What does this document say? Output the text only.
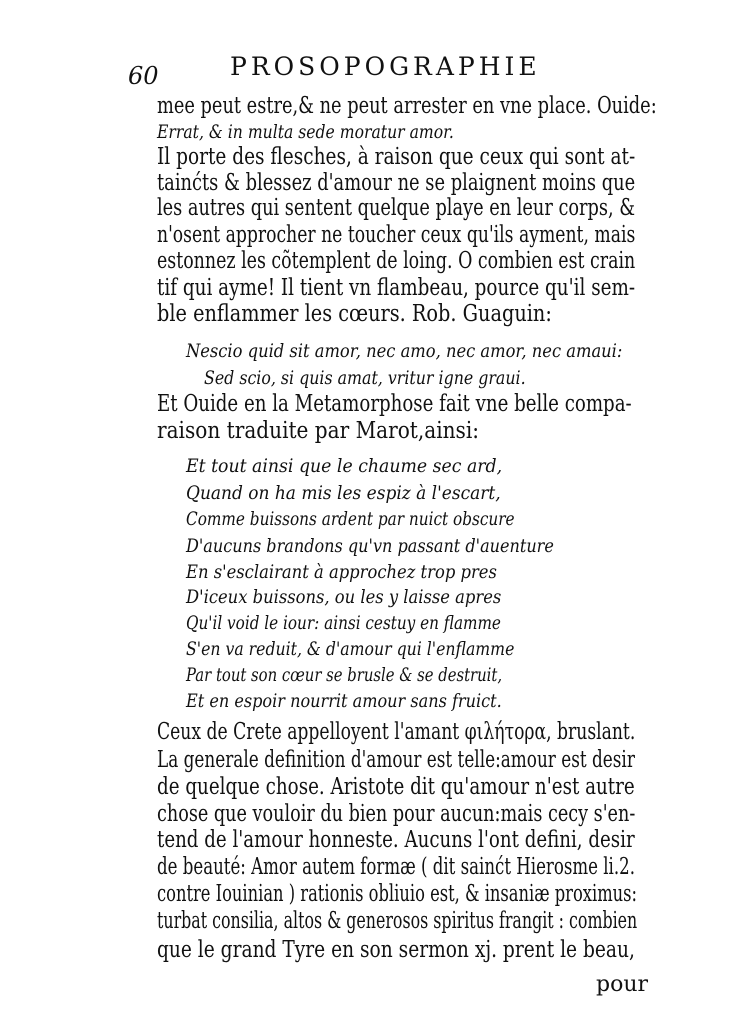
60	PROSOPOGRAPHIE
mee peut estre,& ne peut arrester en vne place. Ouide:
Errat, & in multa sede moratur amor.
Il porte des flesches, à raison que ceux qui sont at-
tainćts & blessez d'amour ne se plaignent moins que
les autres qui sentent quelque playe en leur corps, &
n'osent approcher ne toucher ceux qu'ils ayment, mais
estonnez les cõtemplent de loing. O combien est crain
tif qui ayme! Il tient vn flambeau, pource qu'il sem-
ble enflammer les cœurs. Rob. Guaguin:
Nescio quid sit amor, nec amo, nec amor, nec amaui:
Sed scio, si quis amat, vritur igne graui.
Et Ouide en la Metamorphose fait vne belle compa-
raison traduite par Marot,ainsi:
Et tout ainsi que le chaume sec ard,
Quand on ha mis les espiz à l'escart,
Comme buissons ardent par nuict obscure
D'aucuns brandons qu'vn passant d'auenture
En s'esclairant à approchez trop pres
D'iceux buissons, ou les y laisse apres
Qu'il void le iour: ainsi cestuy en flamme
S'en va reduit, & d'amour qui l'enflamme
Par tout son cœur se brusle & se destruit,
Et en espoir nourrit amour sans fruict.
Ceux de Crete appelloyent l'amant φιλήτορα, bruslant.
La generale definition d'amour est telle:amour est desir
de quelque chose. Aristote dit qu'amour n'est autre
chose que vouloir du bien pour aucun:mais cecy s'en-
tend de l'amour honneste. Aucuns l'ont defini, desir
de beauté: Amor autem formæ ( dit sainćt Hierosme li.2.
contre Iouinian ) rationis obliuio est, & insaniæ proximus:
turbat consilia, altos & generosos spiritus frangit : combien
que le grand Tyre en son sermon xj. prent le beau,
pour
